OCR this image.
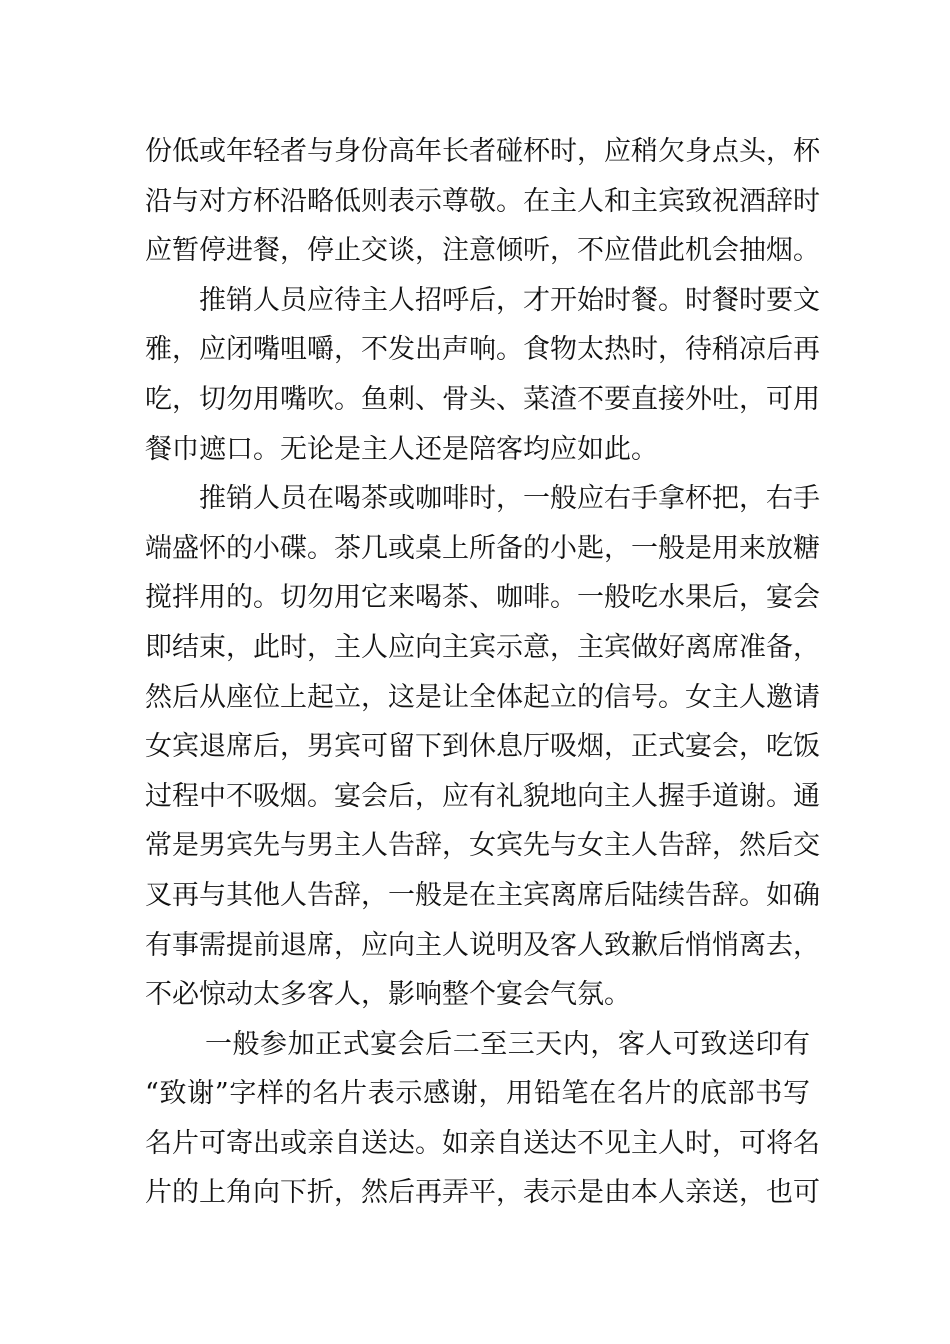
份低或年轻者与身份高年长者碰杯时，应稍欠身点头，杯
沿与对方杯沿略低则表示尊敬。在主人和主宾致祝酒辞时
应暂停进餐，停止交谈，注意倾听，不应借此机会抽烟。
推销人员应待主人招呼后，才开始时餐。时餐时要文
雅，应闭嘴咀嚼，不发出声响。食物太热时，待稍凉后再
吃，切勿用嘴吹。鱼刺、骨头、菜渣不要直接外吐，可用
餐巾遮口。无论是主人还是陪客均应如此。
推销人员在喝茶或咖啡时，一般应右手拿杯把，右手
端盛怀的小碟。茶几或桌上所备的小匙，一般是用来放糖
搅拌用的。切勿用它来喝茶、咖啡。一般吃水果后，宴会
即结束，此时，主人应向主宾示意，主宾做好离席准备，
然后从座位上起立，这是让全体起立的信号。女主人邀请
女宾退席后，男宾可留下到休息厅吸烟，正式宴会，吃饭
过程中不吸烟。宴会后，应有礼貌地向主人握手道谢。通
常是男宾先与男主人告辞，女宾先与女主人告辞，然后交
叉再与其他人告辞，一般是在主宾离席后陆续告辞。如确
有事需提前退席，应向主人说明及客人致歉后悄悄离去，
不必惊动太多客人，影响整个宴会气氛。
一般参加正式宴会后二至三天内，客人可致送印有
“致谢”字样的名片表示感谢，用铅笔在名片的底部书写
名片可寄出或亲自送达。如亲自送达不见主人时，可将名
片的上角向下折，然后再弄平，表示是由本人亲送，也可
